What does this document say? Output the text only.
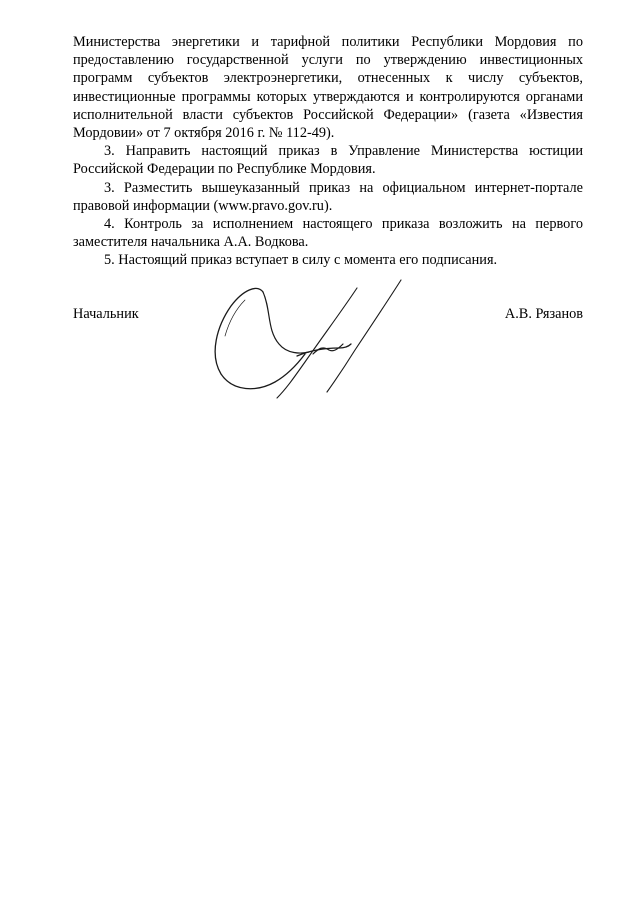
Министерства энергетики и тарифной политики Республики Мордовия по предоставлению государственной услуги по утверждению инвестиционных программ субъектов электроэнергетики, отнесенных к числу субъектов, инвестиционные программы которых утверждаются и контролируются органами исполнительной власти субъектов Российской Федерации» (газета «Известия Мордовии» от 7 октября 2016 г. № 112-49).

3. Направить настоящий приказ в Управление Министерства юстиции Российской Федерации по Республике Мордовия.

3. Разместить вышеуказанный приказ на официальном интернет-портале правовой информации (www.pravo.gov.ru).

4. Контроль за исполнением настоящего приказа возложить на первого заместителя начальника А.А. Водкова.

5. Настоящий приказ вступает в силу с момента его подписания.

Начальник	А.В. Рязанов
